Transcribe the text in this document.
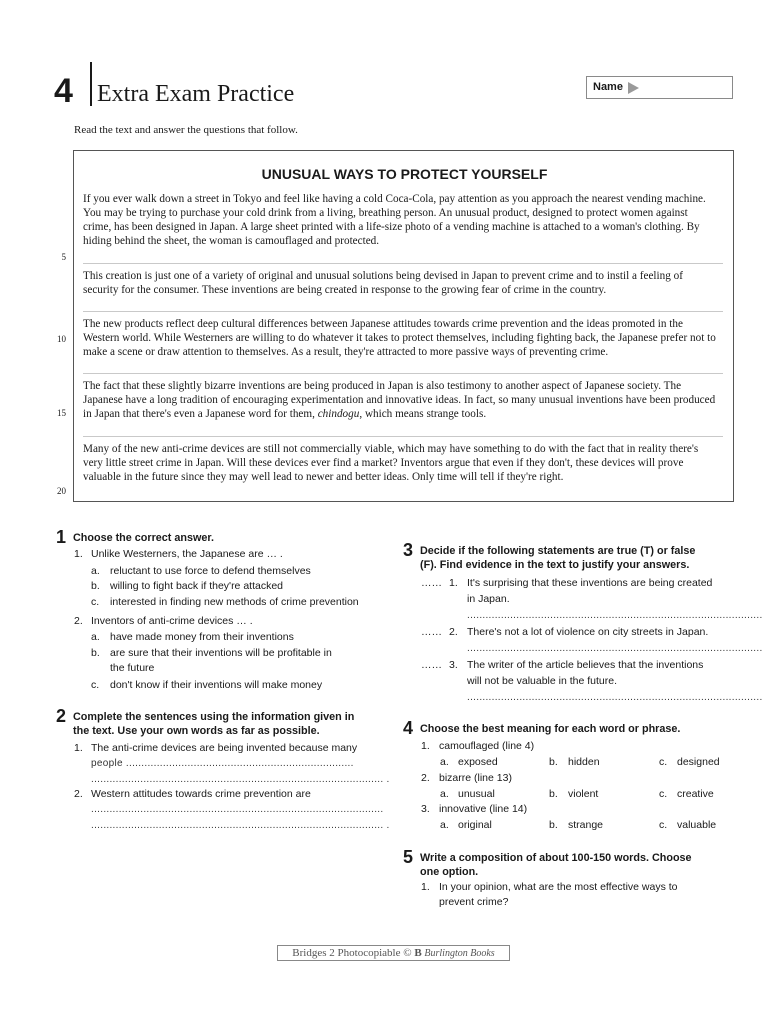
4 Extra Exam Practice	Name
Read the text and answer the questions that follow.
UNUSUAL WAYS TO PROTECT YOURSELF
If you ever walk down a street in Tokyo and feel like having a cold Coca-Cola, pay attention as you approach the nearest vending machine. You may be trying to purchase your cold drink from a living, breathing person. An unusual product, designed to protect women against crime, has been designed in Japan. A large sheet printed with a life-size photo of a vending machine is attached to a woman's clothing. By hiding behind the sheet, the woman is camouflaged and protected.
This creation is just one of a variety of original and unusual solutions being devised in Japan to prevent crime and to instil a feeling of security for the consumer. These inventions are being created in response to the growing fear of crime in the country.
The new products reflect deep cultural differences between Japanese attitudes towards crime prevention and the ideas promoted in the Western world. While Westerners are willing to do whatever it takes to protect themselves, including fighting back, the Japanese prefer not to make a scene or draw attention to themselves. As a result, they're attracted to more passive ways of preventing crime.
The fact that these slightly bizarre inventions are being produced in Japan is also testimony to another aspect of Japanese society. The Japanese have a long tradition of encouraging experimentation and innovative ideas. In fact, so many unusual inventions have been produced in Japan that there's even a Japanese word for them, chindogu, which means strange tools.
Many of the new anti-crime devices are still not commercially viable, which may have something to do with the fact that in reality there's very little street crime in Japan. Will these devices ever find a market? Inventors argue that even if they don't, these devices will prove valuable in the future since they may well lead to newer and better ideas. Only time will tell if they're right.
5
10
15
20
1 Choose the correct answer.
1. Unlike Westerners, the Japanese are … .
a. reluctant to use force to defend themselves
b. willing to fight back if they're attacked
c. interested in finding new methods of crime prevention
2. Inventors of anti-crime devices … .
a. have made money from their inventions
b. are sure that their inventions will be profitable in
the future
c. don't know if their inventions will make money
2 Complete the sentences using the information given in
the text. Use your own words as far as possible.
1. The anti-crime devices are being invented because many
people ..........................................................................
............................................................................................... .
2. Western attitudes towards crime prevention are
...............................................................................................
............................................................................................... .
3 Decide if the following statements are true (T) or false
(F). Find evidence in the text to justify your answers.
…… 1. It's surprising that these inventions are being created
in Japan.
................................................................................................
…… 2. There's not a lot of violence on city streets in Japan.
................................................................................................
…… 3. The writer of the article believes that the inventions
will not be valuable in the future.
................................................................................................
4 Choose the best meaning for each word or phrase.
1. camouflaged (line 4)
a. exposed	b. hidden	c. designed
2. bizarre (line 13)
a. unusual	b. violent	c. creative
3. innovative (line 14)
a. original	b. strange	c. valuable
5 Write a composition of about 100-150 words. Choose
one option.
1. In your opinion, what are the most effective ways to
prevent crime?
Bridges 2 Photocopiable © B Burlington Books
